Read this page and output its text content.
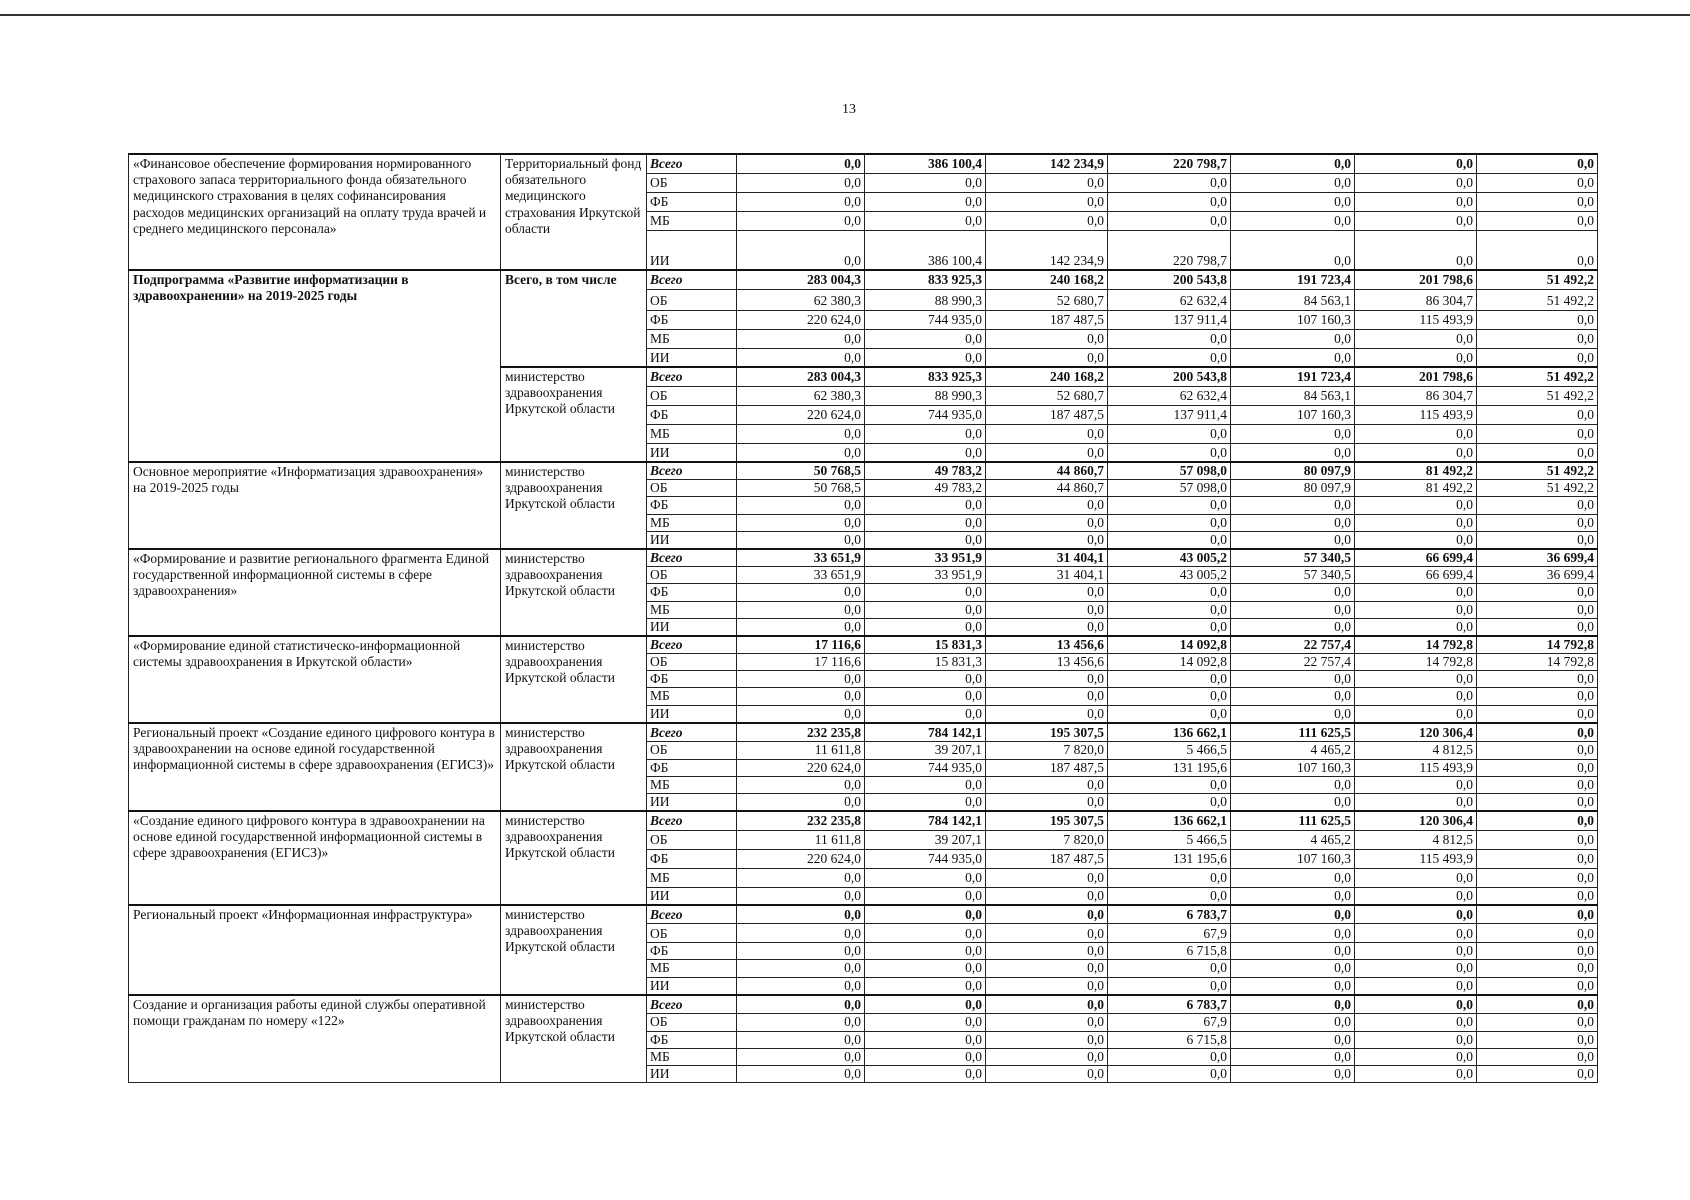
13
«Финансовое обеспечение формирования нормированного страхового запаса территориального фонда обязательного медицинского страхования в целях софинансирования расходов медицинских организаций на оплату труда врачей и среднего медицинского персонала»	Территориальный фонд обязательного медицинского страхования Иркутской области	Всего	0,0	386 100,4	142 234,9	220 798,7	0,0	0,0	0,0
		ОБ	0,0	0,0	0,0	0,0	0,0	0,0	0,0
		ФБ	0,0	0,0	0,0	0,0	0,0	0,0	0,0
		МБ	0,0	0,0	0,0	0,0	0,0	0,0	0,0
		ИИ	0,0	386 100,4	142 234,9	220 798,7	0,0	0,0	0,0
Подпрограмма «Развитие информатизации в здравоохранении» на 2019-2025 годы	Всего, в том числе	Всего	283 004,3	833 925,3	240 168,2	200 543,8	191 723,4	201 798,6	51 492,2
		ОБ	62 380,3	88 990,3	52 680,7	62 632,4	84 563,1	86 304,7	51 492,2
		ФБ	220 624,0	744 935,0	187 487,5	137 911,4	107 160,3	115 493,9	0,0
		МБ	0,0	0,0	0,0	0,0	0,0	0,0	0,0
		ИИ	0,0	0,0	0,0	0,0	0,0	0,0	0,0
	министерство здравоохранения Иркутской области	Всего	283 004,3	833 925,3	240 168,2	200 543,8	191 723,4	201 798,6	51 492,2
		ОБ	62 380,3	88 990,3	52 680,7	62 632,4	84 563,1	86 304,7	51 492,2
		ФБ	220 624,0	744 935,0	187 487,5	137 911,4	107 160,3	115 493,9	0,0
		МБ	0,0	0,0	0,0	0,0	0,0	0,0	0,0
		ИИ	0,0	0,0	0,0	0,0	0,0	0,0	0,0
Основное мероприятие «Информатизация здравоохранения» на 2019-2025 годы	министерство здравоохранения Иркутской области	Всего	50 768,5	49 783,2	44 860,7	57 098,0	80 097,9	81 492,2	51 492,2
		ОБ	50 768,5	49 783,2	44 860,7	57 098,0	80 097,9	81 492,2	51 492,2
		ФБ	0,0	0,0	0,0	0,0	0,0	0,0	0,0
		МБ	0,0	0,0	0,0	0,0	0,0	0,0	0,0
		ИИ	0,0	0,0	0,0	0,0	0,0	0,0	0,0
«Формирование и развитие регионального фрагмента Единой государственной информационной системы в сфере здравоохранения»	министерство здравоохранения Иркутской области	Всего	33 651,9	33 951,9	31 404,1	43 005,2	57 340,5	66 699,4	36 699,4
		ОБ	33 651,9	33 951,9	31 404,1	43 005,2	57 340,5	66 699,4	36 699,4
		ФБ	0,0	0,0	0,0	0,0	0,0	0,0	0,0
		МБ	0,0	0,0	0,0	0,0	0,0	0,0	0,0
		ИИ	0,0	0,0	0,0	0,0	0,0	0,0	0,0
«Формирование единой статистическо-информационной системы здравоохранения в Иркутской области»	министерство здравоохранения Иркутской области	Всего	17 116,6	15 831,3	13 456,6	14 092,8	22 757,4	14 792,8	14 792,8
		ОБ	17 116,6	15 831,3	13 456,6	14 092,8	22 757,4	14 792,8	14 792,8
		ФБ	0,0	0,0	0,0	0,0	0,0	0,0	0,0
		МБ	0,0	0,0	0,0	0,0	0,0	0,0	0,0
		ИИ	0,0	0,0	0,0	0,0	0,0	0,0	0,0
Региональный проект «Создание единого цифрового контура в здравоохранении на основе единой государственной информационной системы в сфере здравоохранения (ЕГИСЗ)»	министерство здравоохранения Иркутской области	Всего	232 235,8	784 142,1	195 307,5	136 662,1	111 625,5	120 306,4	0,0
		ОБ	11 611,8	39 207,1	7 820,0	5 466,5	4 465,2	4 812,5	0,0
		ФБ	220 624,0	744 935,0	187 487,5	131 195,6	107 160,3	115 493,9	0,0
		МБ	0,0	0,0	0,0	0,0	0,0	0,0	0,0
		ИИ	0,0	0,0	0,0	0,0	0,0	0,0	0,0
«Создание единого цифрового контура в здравоохранении на основе единой государственной информационной системы в сфере здравоохранения (ЕГИСЗ)»	министерство здравоохранения Иркутской области	Всего	232 235,8	784 142,1	195 307,5	136 662,1	111 625,5	120 306,4	0,0
		ОБ	11 611,8	39 207,1	7 820,0	5 466,5	4 465,2	4 812,5	0,0
		ФБ	220 624,0	744 935,0	187 487,5	131 195,6	107 160,3	115 493,9	0,0
		МБ	0,0	0,0	0,0	0,0	0,0	0,0	0,0
		ИИ	0,0	0,0	0,0	0,0	0,0	0,0	0,0
Региональный проект «Информационная инфраструктура»	министерство здравоохранения Иркутской области	Всего	0,0	0,0	0,0	6 783,7	0,0	0,0	0,0
		ОБ	0,0	0,0	0,0	67,9	0,0	0,0	0,0
		ФБ	0,0	0,0	0,0	6 715,8	0,0	0,0	0,0
		МБ	0,0	0,0	0,0	0,0	0,0	0,0	0,0
		ИИ	0,0	0,0	0,0	0,0	0,0	0,0	0,0
Создание и организация работы единой службы оперативной помощи гражданам по номеру «122»	министерство здравоохранения Иркутской области	Всего	0,0	0,0	0,0	6 783,7	0,0	0,0	0,0
		ОБ	0,0	0,0	0,0	67,9	0,0	0,0	0,0
		ФБ	0,0	0,0	0,0	6 715,8	0,0	0,0	0,0
		МБ	0,0	0,0	0,0	0,0	0,0	0,0	0,0
		ИИ	0,0	0,0	0,0	0,0	0,0	0,0	0,0
